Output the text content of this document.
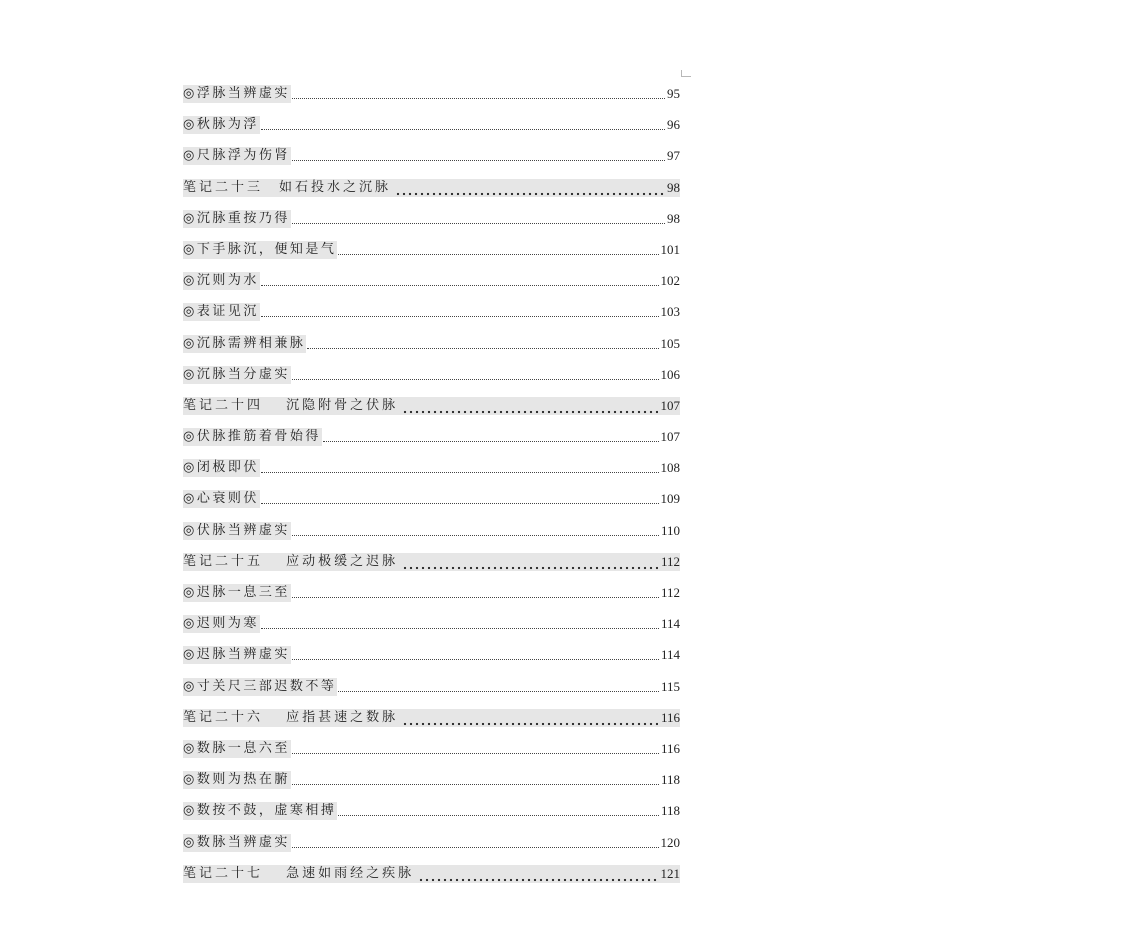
◎浮脉当辨虚实	95
◎秋脉为浮	96
◎尺脉浮为伤肾	97
笔记二十三　如石投水之沉脉	98
◎沉脉重按乃得	98
◎下手脉沉，便知是气	101
◎沉则为水	102
◎表证见沉	103
◎沉脉需辨相兼脉	105
◎沉脉当分虚实	106
笔记二十四　 沉隐附骨之伏脉	107
◎伏脉推筋着骨始得	107
◎闭极即伏	108
◎心衰则伏	109
◎伏脉当辨虚实	110
笔记二十五　 应动极缓之迟脉	112
◎迟脉一息三至	112
◎迟则为寒	114
◎迟脉当辨虚实	114
◎寸关尺三部迟数不等	115
笔记二十六　 应指甚速之数脉	116
◎数脉一息六至	116
◎数则为热在腑	118
◎数按不鼓，虚寒相搏	118
◎数脉当辨虚实	120
笔记二十七　 急速如雨经之疾脉	121
